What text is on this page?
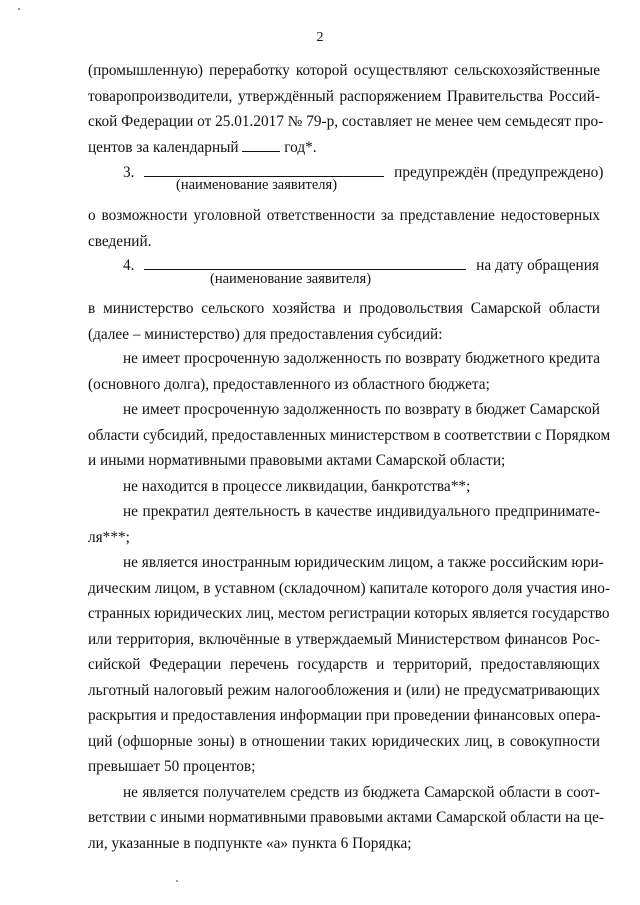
2
(промышленную) переработку которой осуществляют сельскохозяйственные
товаропроизводители, утверждённый распоряжением Правительства Россий-
ской Федерации от 25.01.2017 № 79-р, составляет не менее чем семьдесят про-
центов за календарный	год*.
3.	предупреждён (предупреждено)
(наименование заявителя)
о возможности уголовной ответственности за представление недостоверных
сведений.
4.	на дату обращения
(наименование заявителя)
в министерство сельского хозяйства и продовольствия Самарской области
(далее – министерство) для предоставления субсидий:
не имеет просроченную задолженность по возврату бюджетного кредита
(основного долга), предоставленного из областного бюджета;
не имеет просроченную задолженность по возврату в бюджет Самарской
области субсидий, предоставленных министерством в соответствии с Порядком
и иными нормативными правовыми актами Самарской области;
не находится в процессе ликвидации, банкротства**;
не прекратил деятельность в качестве индивидуального предпринимате-
ля***;
не является иностранным юридическим лицом, а также российским юри-
дическим лицом, в уставном (складочном) капитале которого доля участия ино-
странных юридических лиц, местом регистрации которых является государство
или территория, включённые в утверждаемый Министерством финансов Рос-
сийской Федерации перечень государств и территорий, предоставляющих
льготный налоговый режим налогообложения и (или) не предусматривающих
раскрытия и предоставления информации при проведении финансовых опера-
ций (офшорные зоны) в отношении таких юридических лиц, в совокупности
превышает 50 процентов;
не является получателем средств из бюджета Самарской области в соот-
ветствии с иными нормативными правовыми актами Самарской области на це-
ли, указанные в подпункте «а» пункта 6 Порядка;
